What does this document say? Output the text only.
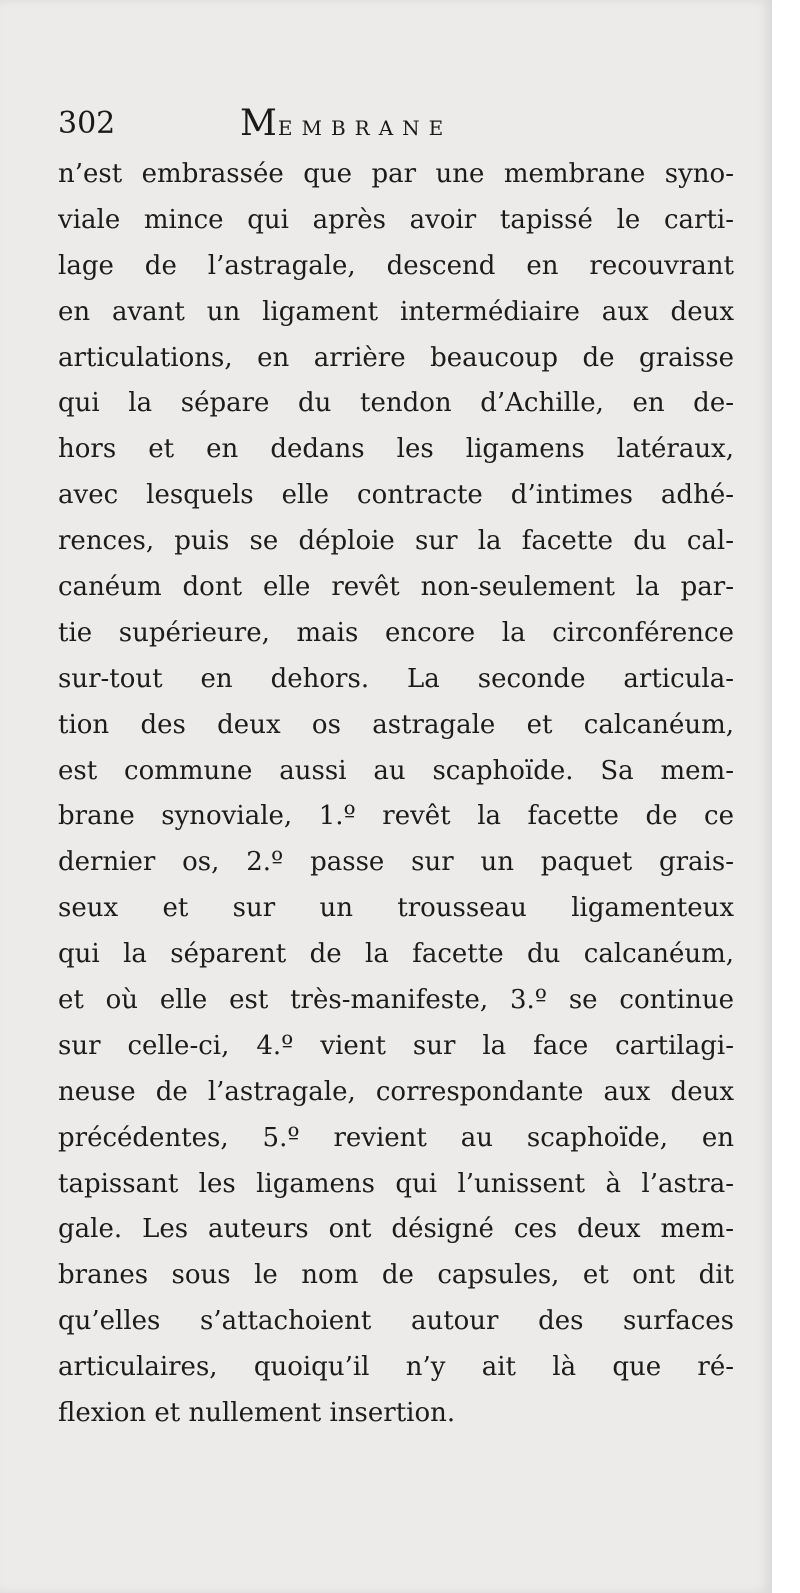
302	MEMBRANE
n’est embrassée que par une membrane syno-
viale mince qui après avoir tapissé le carti-
lage de l’astragale, descend en recouvrant
en avant un ligament intermédiaire aux deux
articulations, en arrière beaucoup de graisse
qui la sépare du tendon d’Achille, en de-
hors et en dedans les ligamens latéraux,
avec lesquels elle contracte d’intimes adhé-
rences, puis se déploie sur la facette du cal-
canéum dont elle revêt non-seulement la par-
tie supérieure, mais encore la circonférence
sur-tout en dehors. La seconde articula-
tion des deux os astragale et calcanéum,
est commune aussi au scaphoïde. Sa mem-
brane synoviale, 1.º revêt la facette de ce
dernier os, 2.º passe sur un paquet grais-
seux et sur un trousseau ligamenteux
qui la séparent de la facette du calcanéum,
et où elle est très-manifeste, 3.º se continue
sur celle-ci, 4.º vient sur la face cartilagi-
neuse de l’astragale, correspondante aux deux
précédentes, 5.º revient au scaphoïde, en
tapissant les ligamens qui l’unissent à l’astra-
gale. Les auteurs ont désigné ces deux mem-
branes sous le nom de capsules, et ont dit
qu’elles s’attachoient autour des surfaces
articulaires, quoiqu’il n’y ait là que ré-
flexion et nullement insertion.
